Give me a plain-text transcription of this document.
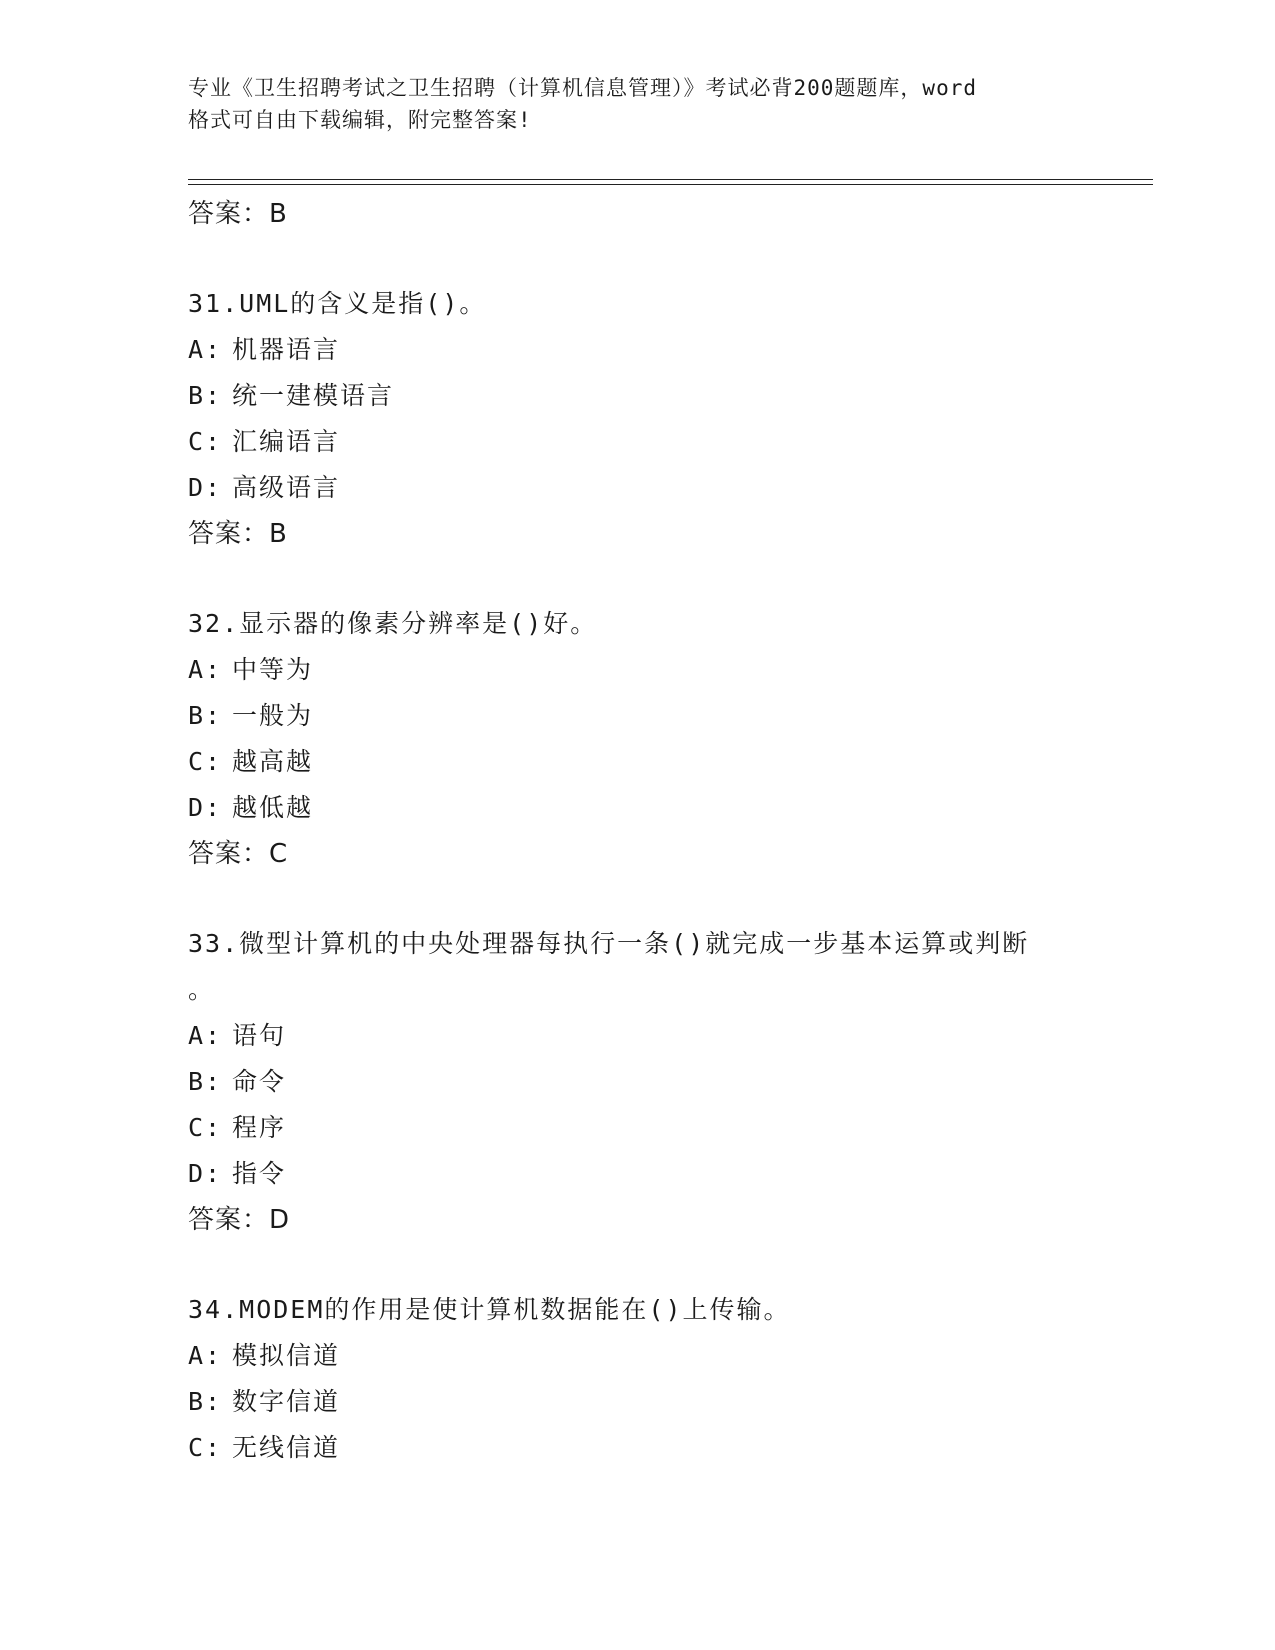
专业《卫生招聘考试之卫生招聘（计算机信息管理）》考试必背200题题库，word
格式可自由下载编辑，附完整答案!
答案：B
31.UML的含义是指()。
A: 机器语言
B: 统一建模语言
C: 汇编语言
D: 高级语言
答案：B
32.显示器的像素分辨率是()好。
A: 中等为
B: 一般为
C: 越高越
D: 越低越
答案：C
33.微型计算机的中央处理器每执行一条()就完成一步基本运算或判断
。
A: 语句
B: 命令
C: 程序
D: 指令
答案：D
34.MODEM的作用是使计算机数据能在()上传输。
A: 模拟信道
B: 数字信道
C: 无线信道
